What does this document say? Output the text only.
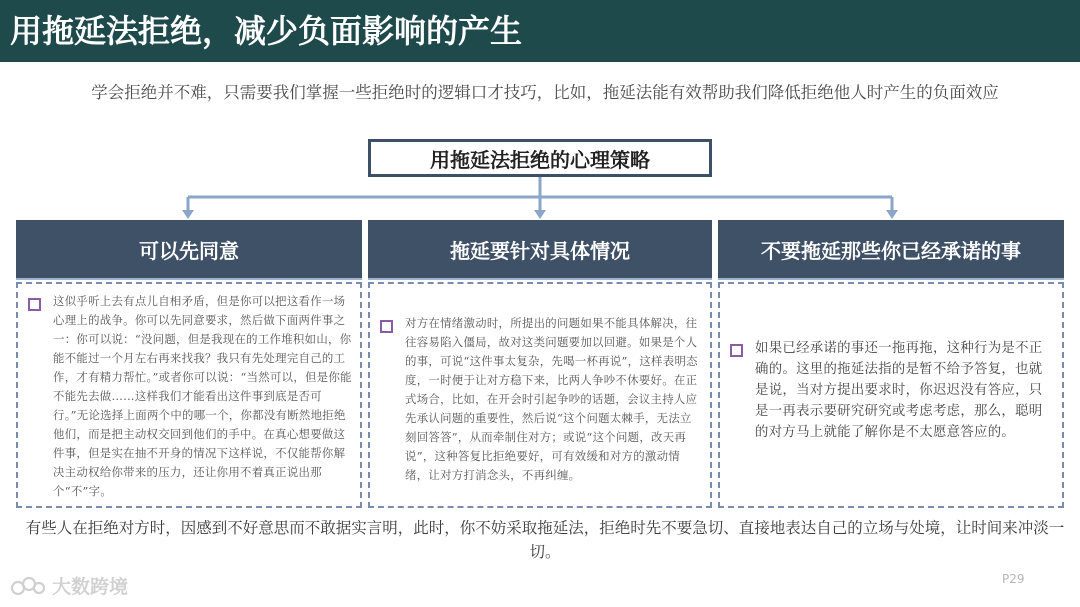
用拖延法拒绝，减少负面影响的产生
学会拒绝并不难，只需要我们掌握一些拒绝时的逻辑口才技巧，比如，拖延法能有效帮助我们降低拒绝他人时产生的负面效应
用拖延法拒绝的心理策略
可以先同意
这似乎听上去有点儿自相矛盾，但是你可以把这看作一场心理上的战争。你可以先同意要求，然后做下面两件事之一：你可以说：“没问题，但是我现在的工作堆积如山，你能不能过一个月左右再来找我？我只有先处理完自己的工作，才有精力帮忙。”或者你可以说：“当然可以，但是你能不能先去做……这样我们才能看出这件事到底是否可行。”无论选择上面两个中的哪一个，你都没有断然地拒绝他们，而是把主动权交回到他们的手中。在真心想要做这件事，但是实在抽不开身的情况下这样说，不仅能帮你解决主动权给你带来的压力，还让你用不着真正说出那个“不”字。
拖延要针对具体情况
对方在情绪激动时，所提出的问题如果不能具体解决，往往容易陷入僵局，故对这类问题要加以回避。如果是个人的事，可说“这件事太复杂，先喝一杯再说”，这样表明态度，一时便于让对方稳下来，比两人争吵不休要好。在正式场合，比如，在开会时引起争吵的话题，会议主持人应先承认问题的重要性，然后说“这个问题太棘手，无法立刻回答答”，从而牵制住对方；或说“这个问题，改天再说”，这种答复比拒绝要好，可有效缓和对方的激动情绪，让对方打消念头，不再纠缠。
不要拖延那些你已经承诺的事
如果已经承诺的事还一拖再拖，这种行为是不正确的。这里的拖延法指的是暂不给予答复，也就是说，当对方提出要求时，你迟迟没有答应，只是一再表示要研究研究或考虑考虑，那么，聪明的对方马上就能了解你是不太愿意答应的。
有些人在拒绝对方时，因感到不好意思而不敢据实言明，此时，你不妨采取拖延法，拒绝时先不要急切、直接地表达自己的立场与处境，让时间来冲淡一切。
大数跨境	P29
